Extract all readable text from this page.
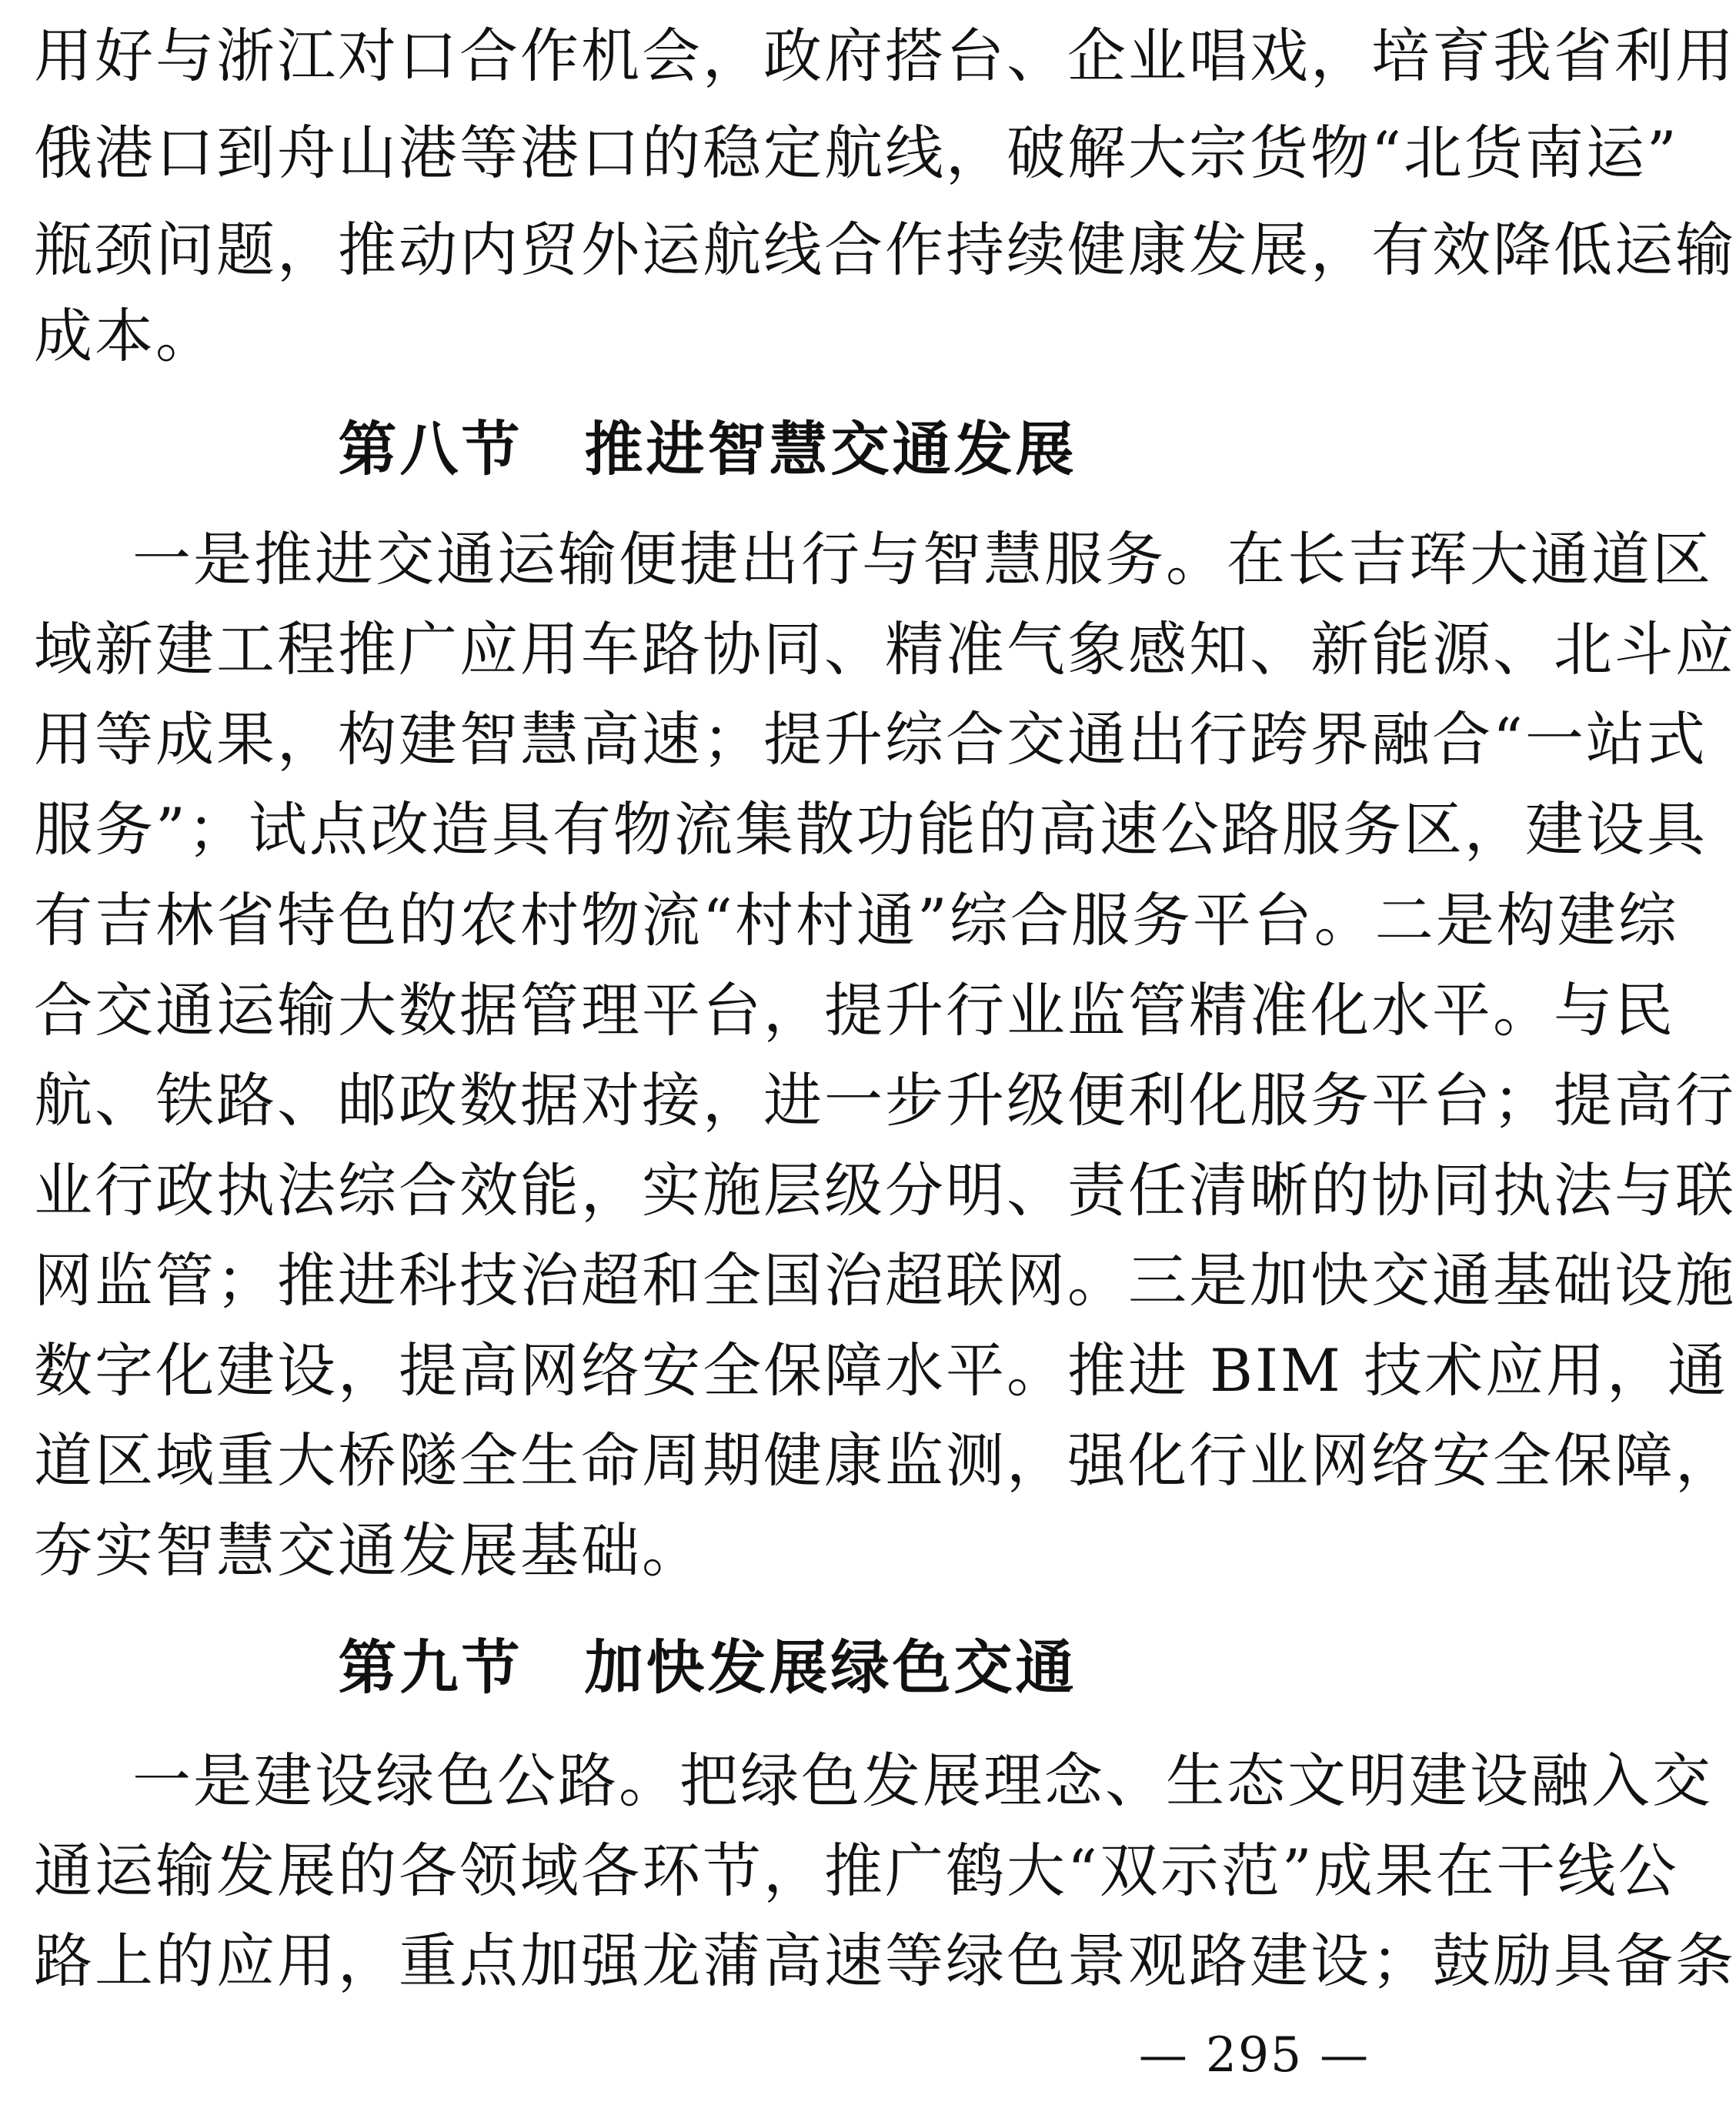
用好与浙江对口合作机会，政府搭台、企业唱戏，培育我省利用
俄港口到舟山港等港口的稳定航线，破解大宗货物“北货南运”
瓶颈问题，推动内贸外运航线合作持续健康发展，有效降低运输
成本。
第八节　推进智慧交通发展
一是推进交通运输便捷出行与智慧服务。在长吉珲大通道区
域新建工程推广应用车路协同、精准气象感知、新能源、北斗应
用等成果，构建智慧高速；提升综合交通出行跨界融合“一站式
服务”；试点改造具有物流集散功能的高速公路服务区，建设具
有吉林省特色的农村物流“村村通”综合服务平台。二是构建综
合交通运输大数据管理平台，提升行业监管精准化水平。与民
航、铁路、邮政数据对接，进一步升级便利化服务平台；提高行
业行政执法综合效能，实施层级分明、责任清晰的协同执法与联
网监管；推进科技治超和全国治超联网。三是加快交通基础设施
数字化建设，提高网络安全保障水平。推进 BIM 技术应用，通
道区域重大桥隧全生命周期健康监测，强化行业网络安全保障，
夯实智慧交通发展基础。
第九节　加快发展绿色交通
一是建设绿色公路。把绿色发展理念、生态文明建设融入交
通运输发展的各领域各环节，推广鹤大“双示范”成果在干线公
路上的应用，重点加强龙蒲高速等绿色景观路建设；鼓励具备条
— 295 —
